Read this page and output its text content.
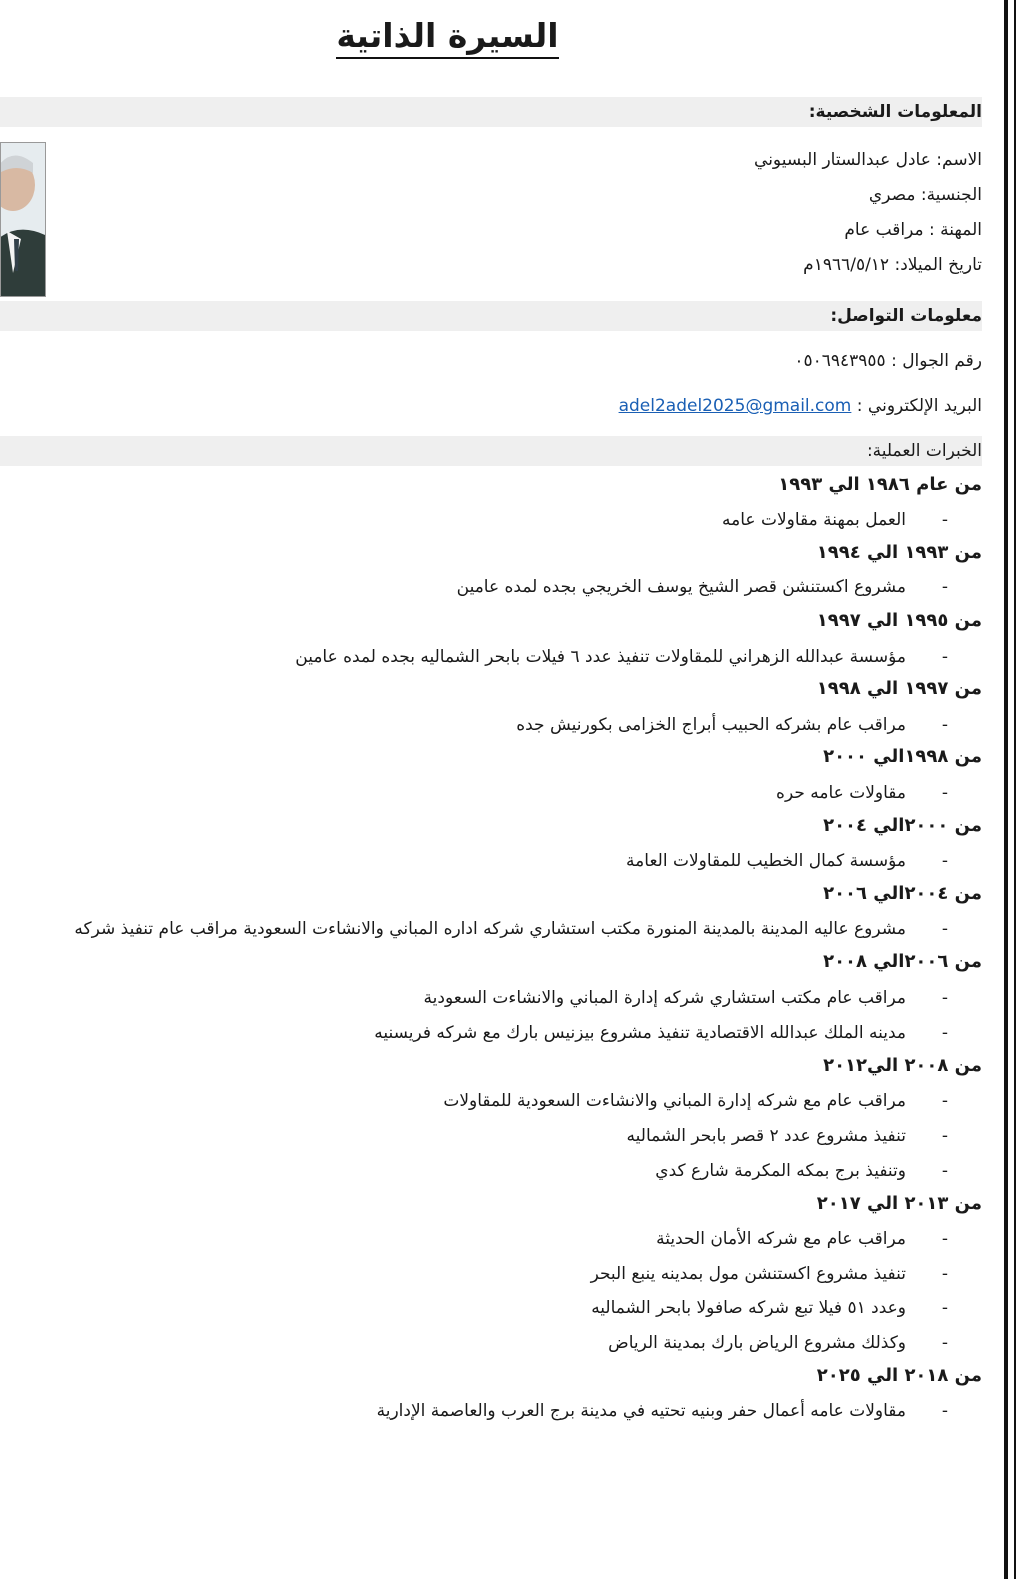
السيرة الذاتية
المعلومات الشخصية:
الاسم: عادل عبدالستار البسيوني
الجنسية: مصري
المهنة : مراقب عام
تاريخ الميلاد: ١٩٦٦/٥/١٢م
معلومات التواصل:
رقم الجوال : ٠٥٠٦٩٤٣٩٥٥
البريد الإلكتروني : adel2adel2025@gmail.com
الخبرات العملية:
من عام ١٩٨٦ الي ١٩٩٣
-
العمل بمهنة مقاولات عامه
من ١٩٩٣ الي ١٩٩٤
-
مشروع اكستنشن قصر الشيخ يوسف الخريجي بجده لمده عامين
من ١٩٩٥ الي ١٩٩٧
-
مؤسسة عبدالله الزهراني للمقاولات تنفيذ عدد ٦ فيلات بابحر الشماليه بجده لمده عامين
من ١٩٩٧ الي ١٩٩٨
-
مراقب عام بشركه الحبيب أبراج الخزامى بكورنيش جده
من ١٩٩٨الي ٢٠٠٠
-
مقاولات عامه حره
من ٢٠٠٠الي ٢٠٠٤
-
مؤسسة كمال الخطيب للمقاولات العامة
من ٢٠٠٤الي ٢٠٠٦
-
مشروع عاليه المدينة بالمدينة المنورة مكتب استشاري شركه اداره المباني والانشاءت السعودية مراقب عام تنفيذ شركه
من ٢٠٠٦الي ٢٠٠٨
-
مراقب عام مكتب استشاري شركه إدارة المباني والانشاءت السعودية
-
مدينه الملك عبدالله الاقتصادية تنفيذ مشروع بيزنيس بارك مع شركه فريسنيه
من ٢٠٠٨ الي٢٠١٢
-
مراقب عام مع شركه إدارة المباني والانشاءت السعودية للمقاولات
-
تنفيذ مشروع عدد ٢ قصر بابحر الشماليه
-
وتنفيذ برج بمكه المكرمة شارع كدي
من ٢٠١٣ الي ٢٠١٧
-
مراقب عام مع شركه الأمان الحديثة
-
تنفيذ مشروع اكستنشن مول بمدينه ينبع البحر
-
وعدد ٥١ فيلا تبع شركه صافولا بابحر الشماليه
-
وكذلك مشروع الرياض بارك بمدينة الرياض
من ٢٠١٨ الي ٢٠٢٥
-
مقاولات عامه أعمال حفر وبنيه تحتيه في مدينة برج العرب والعاصمة الإدارية
